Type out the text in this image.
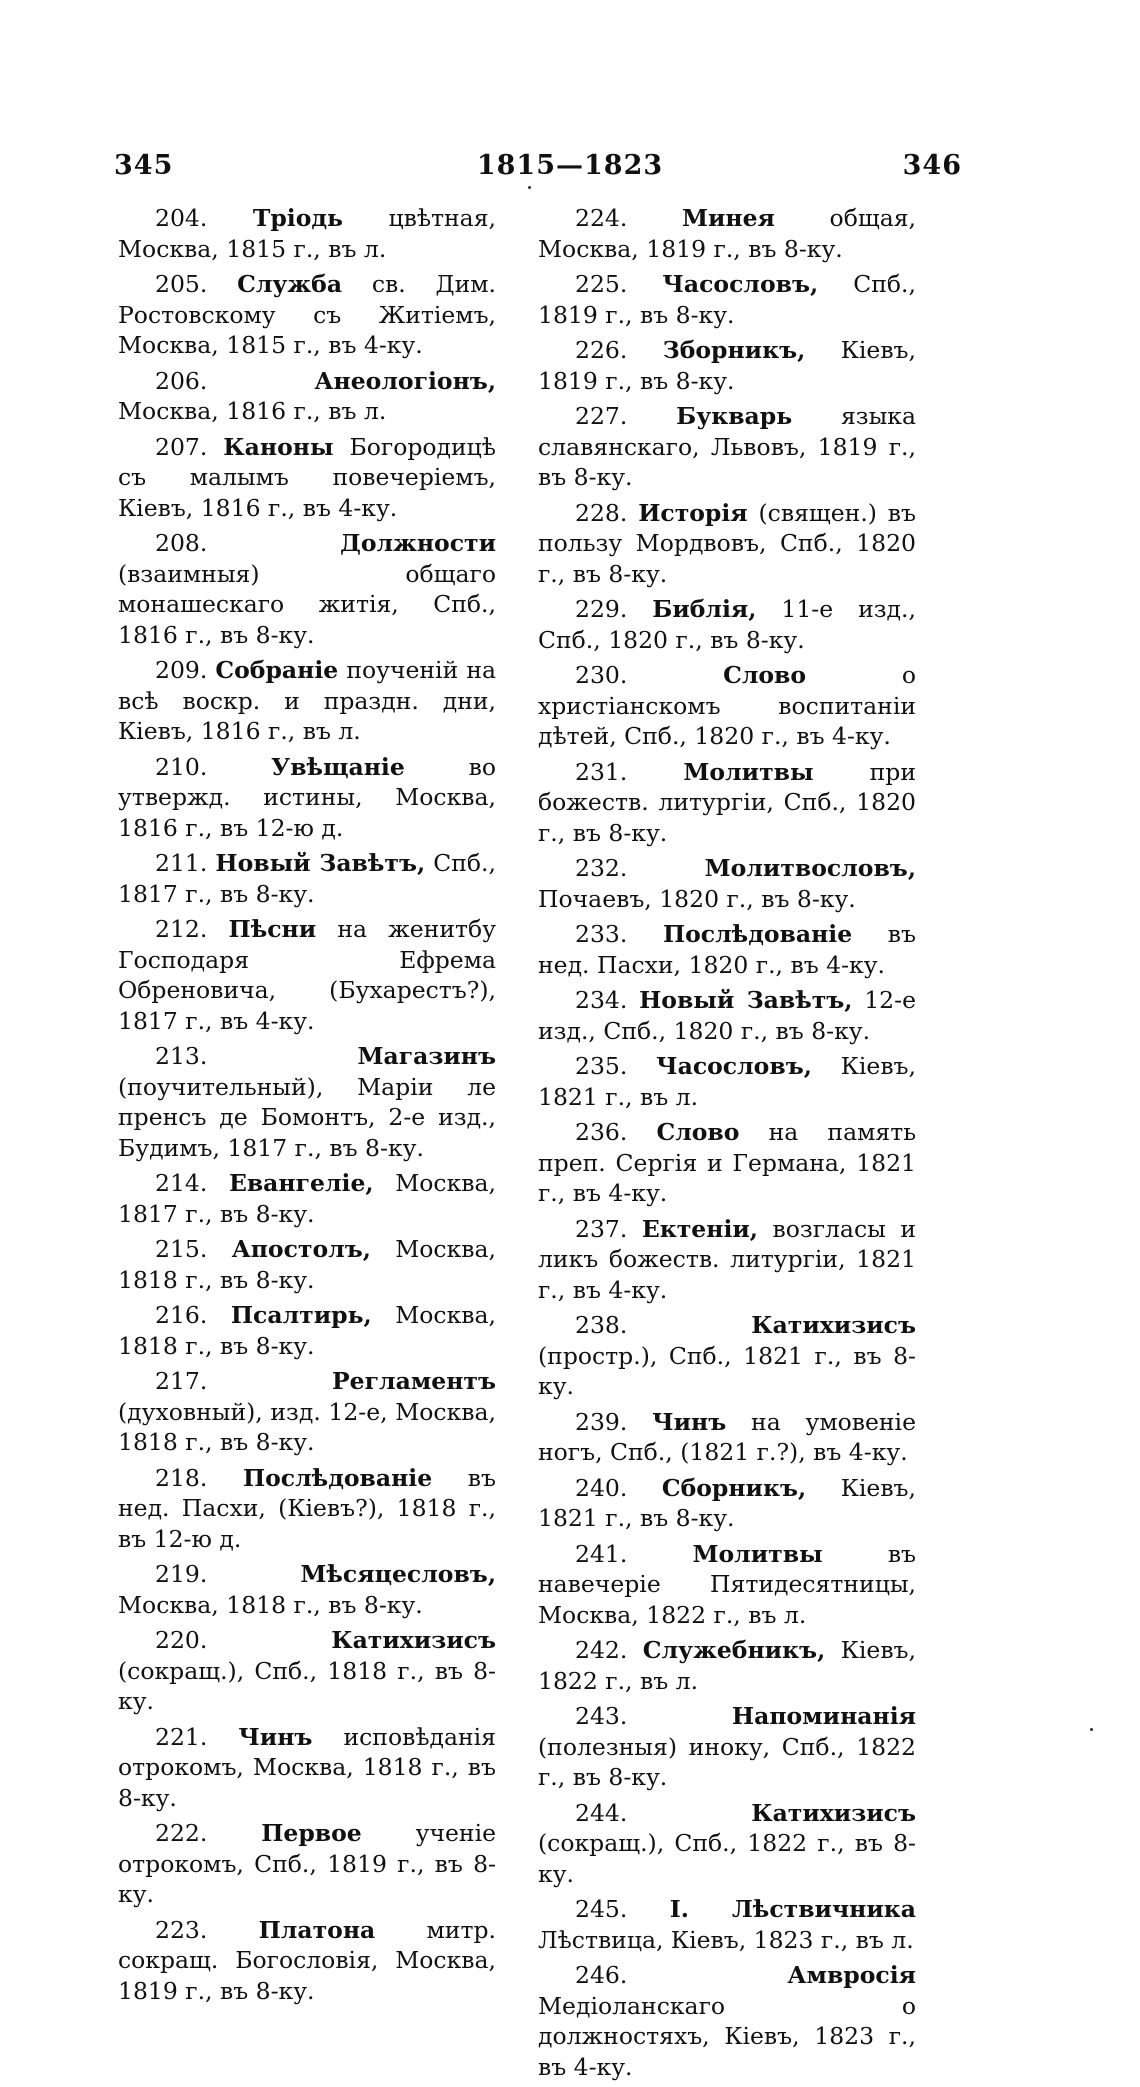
345	1815—1823	346

204. Тріодь цвѣтная, Москва, 1815 г., въ л.

205. Служба св. Дим. Ростовскому съ Житіемъ, Москва, 1815 г., въ 4-ку.

206.	Анеологіонъ, Москва, 1816 г., въ л.

207. Каноны Богородицѣ съ малымъ повечеріемъ, Кіевъ, 1816 г., въ 4-ку.

208.	Должности (взаимныя) общаго монашескаго житія, Спб., 1816 г., въ 8-ку.

209. Собраніе поученій на всѣ воскр. и праздн. дни, Кіевъ, 1816 г., въ л.

210.	Увѣщаніе	во утвержд. истины, Москва, 1816 г., въ 12-ю д.

211. Новый Завѣтъ, Спб., 1817 г., въ 8-ку.

212. Пѣсни на женитбу Господаря Ефрема Обреновича, (Бухарестъ?), 1817 г., въ 4-ку.

213.	Магазинъ (поучительный), Маріи ле пренсъ де Бомонтъ, 2-е изд., Будимъ, 1817 г., въ 8-ку.

214. Евангеліе, Москва, 1817 г., въ 8-ку.

215. Апостолъ, Москва, 1818 г., въ 8-ку.

216. Псалтирь, Москва, 1818 г., въ 8-ку.

217.	Регламентъ (духовный), изд. 12-е, Москва, 1818 г., въ 8-ку.

218. Послѣдованіе въ нед. Пасхи, (Кіевъ?), 1818 г., въ 12-ю д.

219.	Мѣсяцесловъ, Москва, 1818 г., въ 8-ку.

220.	Катихизисъ (сокращ.), Спб., 1818 г., въ 8-ку.

221. Чинъ исповѣданія отрокомъ, Москва, 1818 г., въ 8-ку.

222. Первое ученіе отрокомъ, Спб., 1819 г., въ 8-ку.

223. Платона митр. сокращ. Богословія, Москва, 1819 г., въ 8-ку.

224. Минея общая, Москва, 1819 г., въ 8-ку.

225. Часословъ, Спб., 1819 г., въ 8-ку.

226. Зборникъ, Кіевъ, 1819 г., въ 8-ку.

227. Букварь языка славянскаго, Львовъ, 1819 г., въ 8-ку.

228. Исторія (священ.) въ пользу Мордвовъ, Спб., 1820 г., въ 8-ку.

229. Библія, 11-е изд., Спб., 1820 г., въ 8-ку.

230.	Слово	о христіанскомъ воспитаніи дѣтей, Спб., 1820 г., въ 4-ку.

231. Молитвы при божеств. литургіи, Спб., 1820 г., въ 8-ку.

232.	Молитвословъ, Почаевъ, 1820 г., въ 8-ку.

233. Послѣдованіе въ нед. Пасхи, 1820 г., въ 4-ку.

234. Новый Завѣтъ, 12-е изд., Спб., 1820 г., въ 8-ку.

235. Часословъ, Кіевъ, 1821 г., въ л.

236. Слово на память преп. Сергія и Германа, 1821 г., въ 4-ку.

237. Ектеніи, возгласы и ликъ божеств. литургіи, 1821 г., въ 4-ку.

238.	Катихизисъ (простр.), Спб., 1821 г., въ 8-ку.

239. Чинъ на умовеніе ногъ, Спб., (1821 г.?), въ 4-ку.

240. Сборникъ, Кіевъ, 1821 г., въ 8-ку.

241.	Молитвы	въ навечеріе Пятидесятницы, Москва, 1822 г., въ л.

242. Служебникъ, Кіевъ, 1822 г., въ л.

243.	Напоминанія (полезныя) иноку, Спб., 1822 г., въ 8-ку.

244.	Катихизисъ (сокращ.), Спб., 1822 г., въ 8-ку.

245. І. Лѣствичника Лѣствица, Кіевъ, 1823 г., въ л.

246.	Амвросія Медіоланскаго о должностяхъ, Кіевъ, 1823 г., въ 4-ку.
